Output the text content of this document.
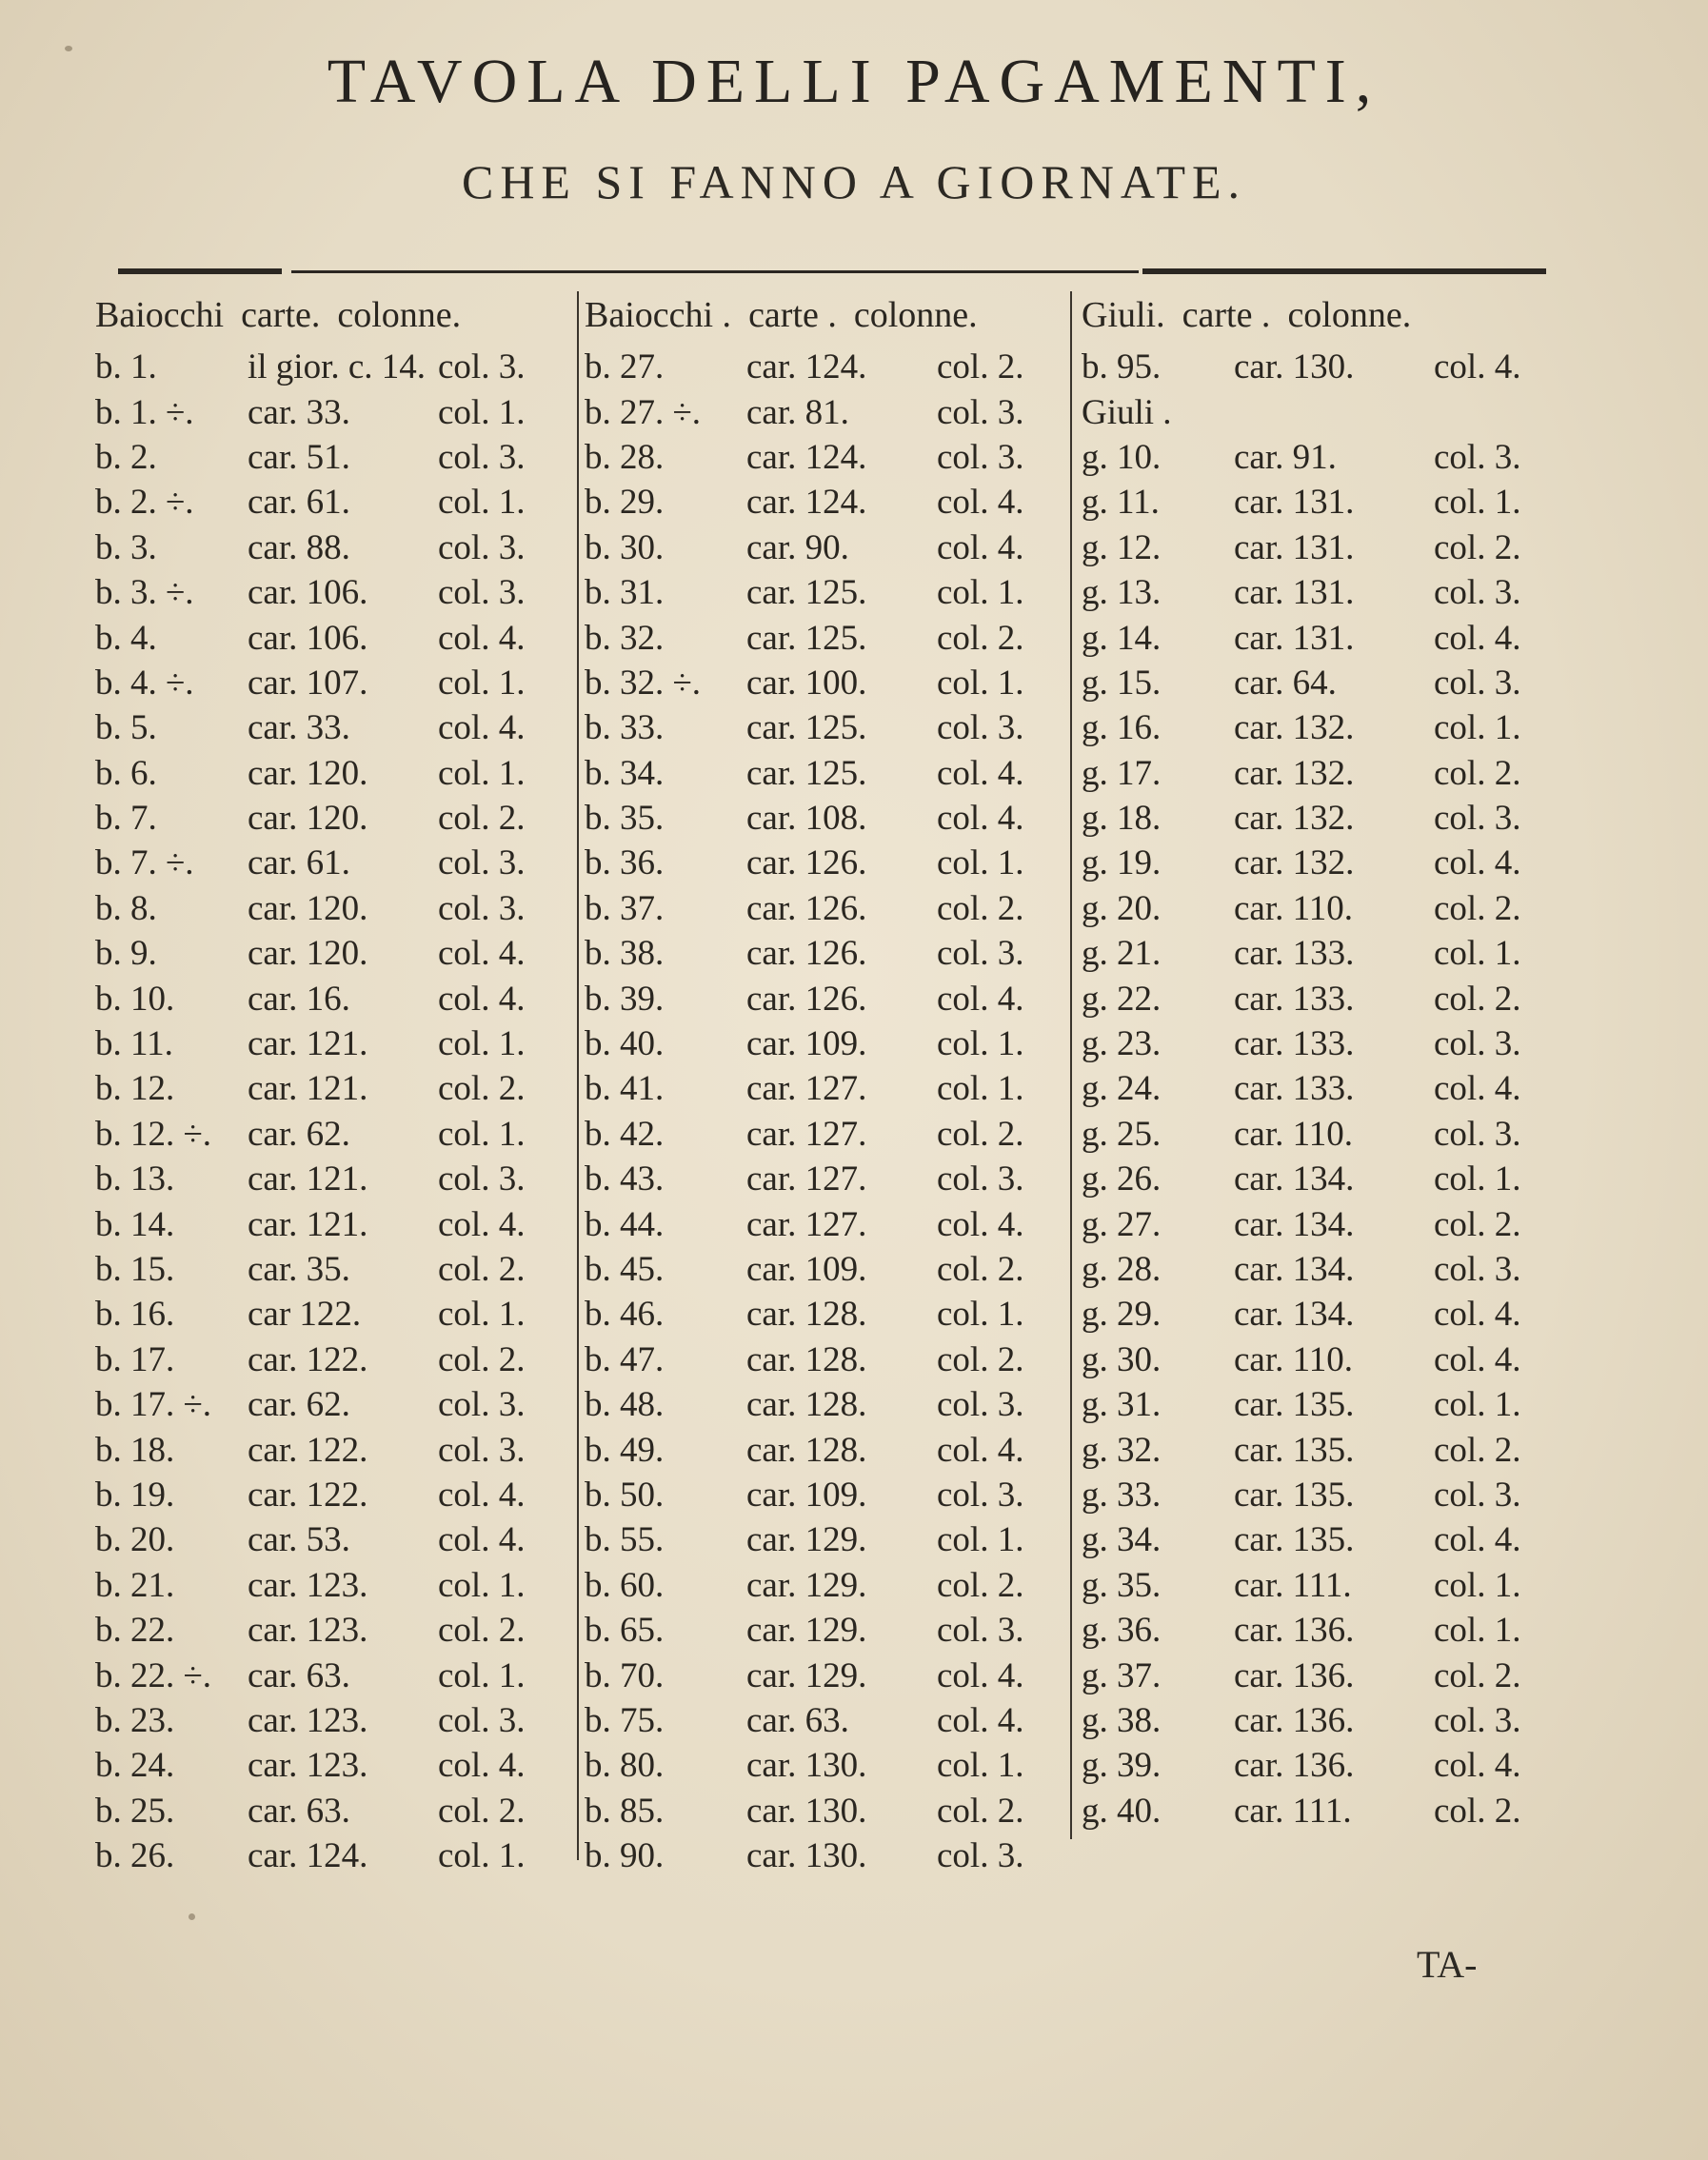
TAVOLA DELLI PAGAMENTI,
CHE SI FANNO A GIORNATE.
Baiocchi carte. colonne.
b. 1.	il gior. c. 14. col. 3.
b. 1. ÷.	car. 33.	col. 1.
b. 2.	car. 51.	col. 3.
b. 2. ÷.	car. 61.	col. 1.
b. 3.	car. 88.	col. 3.
b. 3. ÷.	car. 106.	col. 3.
b. 4.	car. 106.	col. 4.
b. 4. ÷.	car. 107.	col. 1.
b. 5.	car. 33.	col. 4.
b. 6.	car. 120.	col. 1.
b. 7.	car. 120.	col. 2.
b. 7. ÷.	car. 61.	col. 3.
b. 8.	car. 120.	col. 3.
b. 9.	car. 120.	col. 4.
b. 10.	car. 16.	col. 4.
b. 11.	car. 121.	col. 1.
b. 12.	car. 121.	col. 2.
b. 12. ÷.	car. 62.	col. 1.
b. 13.	car. 121.	col. 3.
b. 14.	car. 121.	col. 4.
b. 15.	car. 35.	col. 2.
b. 16.	car 122.	col. 1.
b. 17.	car. 122.	col. 2.
b. 17. ÷.	car. 62.	col. 3.
b. 18.	car. 122.	col. 3.
b. 19.	car. 122.	col. 4.
b. 20.	car. 53.	col. 4.
b. 21.	car. 123.	col. 1.
b. 22.	car. 123.	col. 2.
b. 22. ÷.	car. 63.	col. 1.
b. 23.	car. 123.	col. 3.
b. 24.	car. 123.	col. 4.
b. 25.	car. 63.	col. 2.
b. 26.	car. 124.	col. 1.
Baiocchi . carte . colonne.
b. 27.	car. 124.	col. 2.
b. 27. ÷.	car. 81.	col. 3.
b. 28.	car. 124.	col. 3.
b. 29.	car. 124.	col. 4.
b. 30.	car. 90.	col. 4.
b. 31.	car. 125.	col. 1.
b. 32.	car. 125.	col. 2.
b. 32. ÷.	car. 100.	col. 1.
b. 33.	car. 125.	col. 3.
b. 34.	car. 125.	col. 4.
b. 35.	car. 108.	col. 4.
b. 36.	car. 126.	col. 1.
b. 37.	car. 126.	col. 2.
b. 38.	car. 126.	col. 3.
b. 39.	car. 126.	col. 4.
b. 40.	car. 109.	col. 1.
b. 41.	car. 127.	col. 1.
b. 42.	car. 127.	col. 2.
b. 43.	car. 127.	col. 3.
b. 44.	car. 127.	col. 4.
b. 45.	car. 109.	col. 2.
b. 46.	car. 128.	col. 1.
b. 47.	car. 128.	col. 2.
b. 48.	car. 128.	col. 3.
b. 49.	car. 128.	col. 4.
b. 50.	car. 109.	col. 3.
b. 55.	car. 129.	col. 1.
b. 60.	car. 129.	col. 2.
b. 65.	car. 129.	col. 3.
b. 70.	car. 129.	col. 4.
b. 75.	car. 63.	col. 4.
b. 80.	car. 130.	col. 1.
b. 85.	car. 130.	col. 2.
b. 90.	car. 130.	col. 3.
Giuli. carte . colonne.
b. 95.	car. 130.	col. 4.
Giuli .
g. 10.	car. 91.	col. 3.
g. 11.	car. 131.	col. 1.
g. 12.	car. 131.	col. 2.
g. 13.	car. 131.	col. 3.
g. 14.	car. 131.	col. 4.
g. 15.	car. 64.	col. 3.
g. 16.	car. 132.	col. 1.
g. 17.	car. 132.	col. 2.
g. 18.	car. 132.	col. 3.
g. 19.	car. 132.	col. 4.
g. 20.	car. 110.	col. 2.
g. 21.	car. 133.	col. 1.
g. 22.	car. 133.	col. 2.
g. 23.	car. 133.	col. 3.
g. 24.	car. 133.	col. 4.
g. 25.	car. 110.	col. 3.
g. 26.	car. 134.	col. 1.
g. 27.	car. 134.	col. 2.
g. 28.	car. 134.	col. 3.
g. 29.	car. 134.	col. 4.
g. 30.	car. 110.	col. 4.
g. 31.	car. 135.	col. 1.
g. 32.	car. 135.	col. 2.
g. 33.	car. 135.	col. 3.
g. 34.	car. 135.	col. 4.
g. 35.	car. 111.	col. 1.
g. 36.	car. 136.	col. 1.
g. 37.	car. 136.	col. 2.
g. 38.	car. 136.	col. 3.
g. 39.	car. 136.	col. 4.
g. 40.	car. 111.	col. 2.
TA-
